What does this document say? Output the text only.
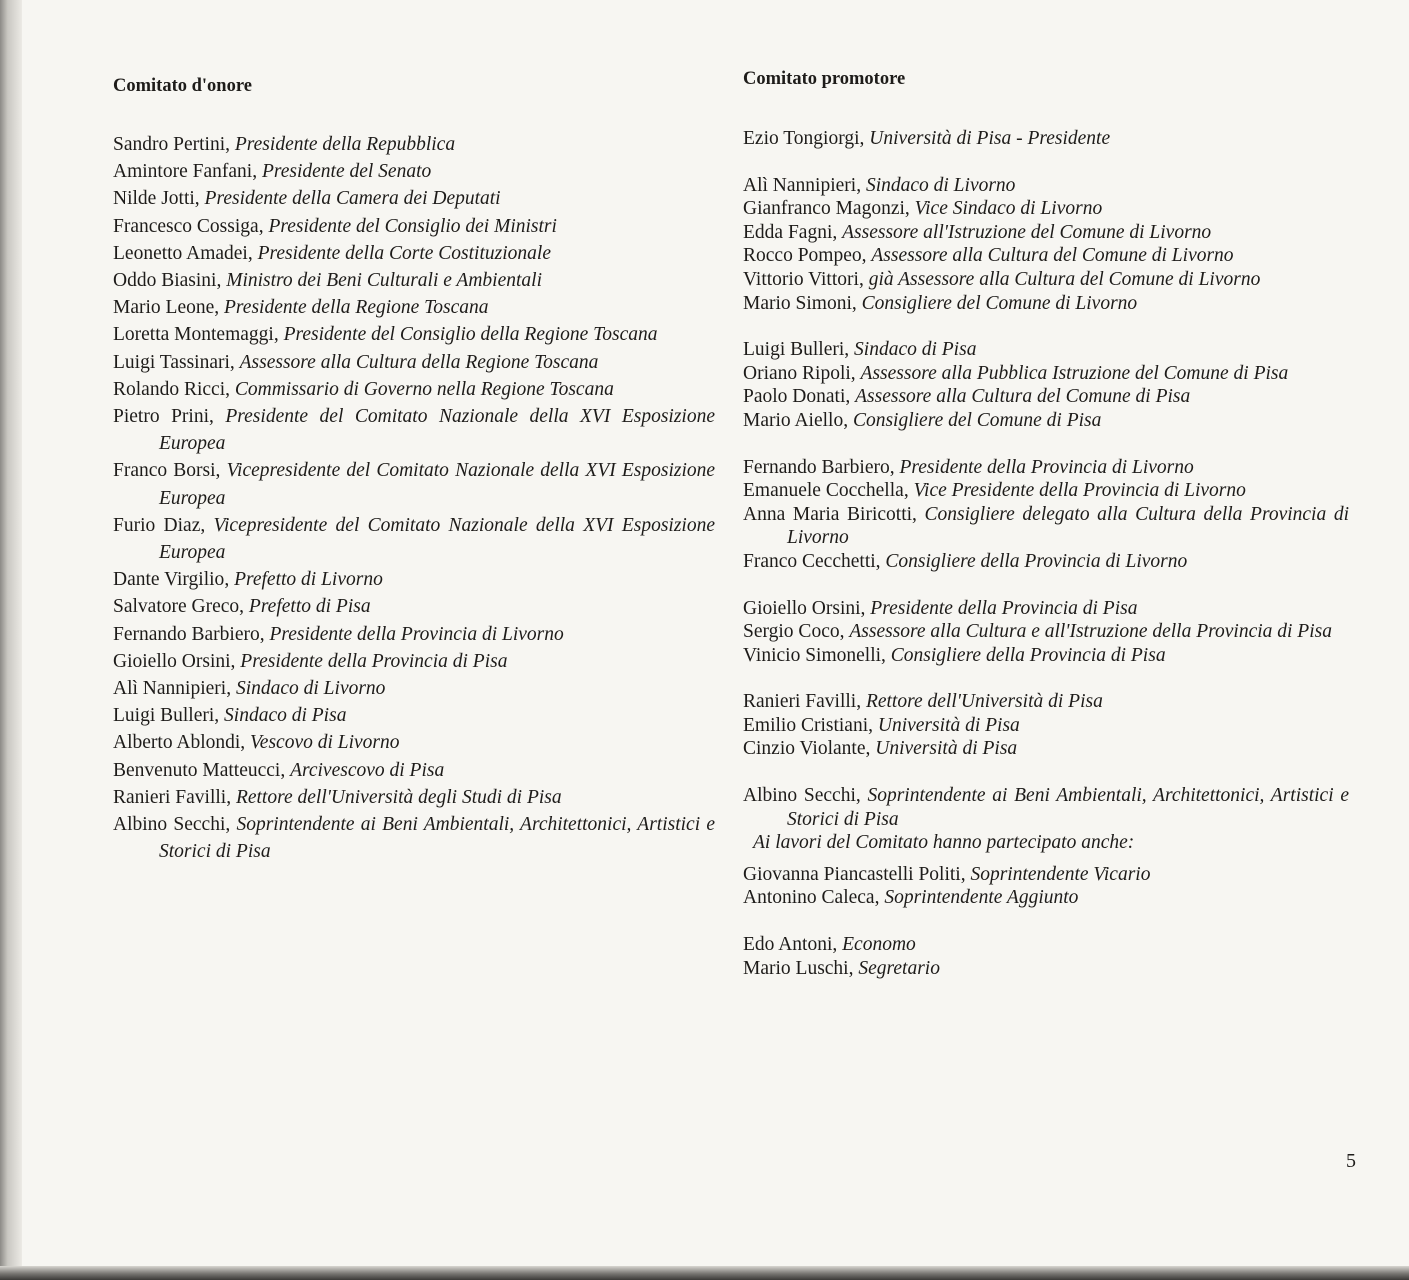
Comitato d'onore

Sandro Pertini, Presidente della Repubblica

Amintore Fanfani, Presidente del Senato

Nilde Jotti, Presidente della Camera dei Deputati

Francesco Cossiga, Presidente del Consiglio dei Ministri

Leonetto Amadei, Presidente della Corte Costituzionale

Oddo Biasini, Ministro dei Beni Culturali e Ambientali

Mario Leone, Presidente della Regione Toscana

Loretta Montemaggi, Presidente del Consiglio della Regione Toscana

Luigi Tassinari, Assessore alla Cultura della Regione Toscana

Rolando Ricci, Commissario di Governo nella Regione Toscana

Pietro Prini, Presidente del Comitato Nazionale della XVI Esposizione Europea

Franco Borsi, Vicepresidente del Comitato Nazionale della XVI Esposizione Europea

Furio Diaz, Vicepresidente del Comitato Nazionale della XVI Esposizione Europea

Dante Virgilio, Prefetto di Livorno

Salvatore Greco, Prefetto di Pisa

Fernando Barbiero, Presidente della Provincia di Livorno

Gioiello Orsini, Presidente della Provincia di Pisa

Alì Nannipieri, Sindaco di Livorno

Luigi Bulleri, Sindaco di Pisa

Alberto Ablondi, Vescovo di Livorno

Benvenuto Matteucci, Arcivescovo di Pisa

Ranieri Favilli, Rettore dell'Università degli Studi di Pisa

Albino Secchi, Soprintendente ai Beni Ambientali, Architettonici, Artistici e Storici di Pisa

Comitato promotore

Ezio Tongiorgi, Università di Pisa - Presidente

Alì Nannipieri, Sindaco di Livorno

Gianfranco Magonzi, Vice Sindaco di Livorno

Edda Fagni, Assessore all'Istruzione del Comune di Livorno

Rocco Pompeo, Assessore alla Cultura del Comune di Livorno

Vittorio Vittori, già Assessore alla Cultura del Comune di Livorno

Mario Simoni, Consigliere del Comune di Livorno

Luigi Bulleri, Sindaco di Pisa

Oriano Ripoli, Assessore alla Pubblica Istruzione del Comune di Pisa

Paolo Donati, Assessore alla Cultura del Comune di Pisa

Mario Aiello, Consigliere del Comune di Pisa

Fernando Barbiero, Presidente della Provincia di Livorno

Emanuele Cocchella, Vice Presidente della Provincia di Livorno

Anna Maria Biricotti, Consigliere delegato alla Cultura della Provincia di Livorno

Franco Cecchetti, Consigliere della Provincia di Livorno

Gioiello Orsini, Presidente della Provincia di Pisa

Sergio Coco, Assessore alla Cultura e all'Istruzione della Provincia di Pisa

Vinicio Simonelli, Consigliere della Provincia di Pisa

Ranieri Favilli, Rettore dell'Università di Pisa

Emilio Cristiani, Università di Pisa

Cinzio Violante, Università di Pisa

Albino Secchi, Soprintendente ai Beni Ambientali, Architettonici, Artistici e Storici di Pisa

Ai lavori del Comitato hanno partecipato anche:

Giovanna Piancastelli Politi, Soprintendente Vicario

Antonino Caleca, Soprintendente Aggiunto

Edo Antoni, Economo

Mario Luschi, Segretario

5
